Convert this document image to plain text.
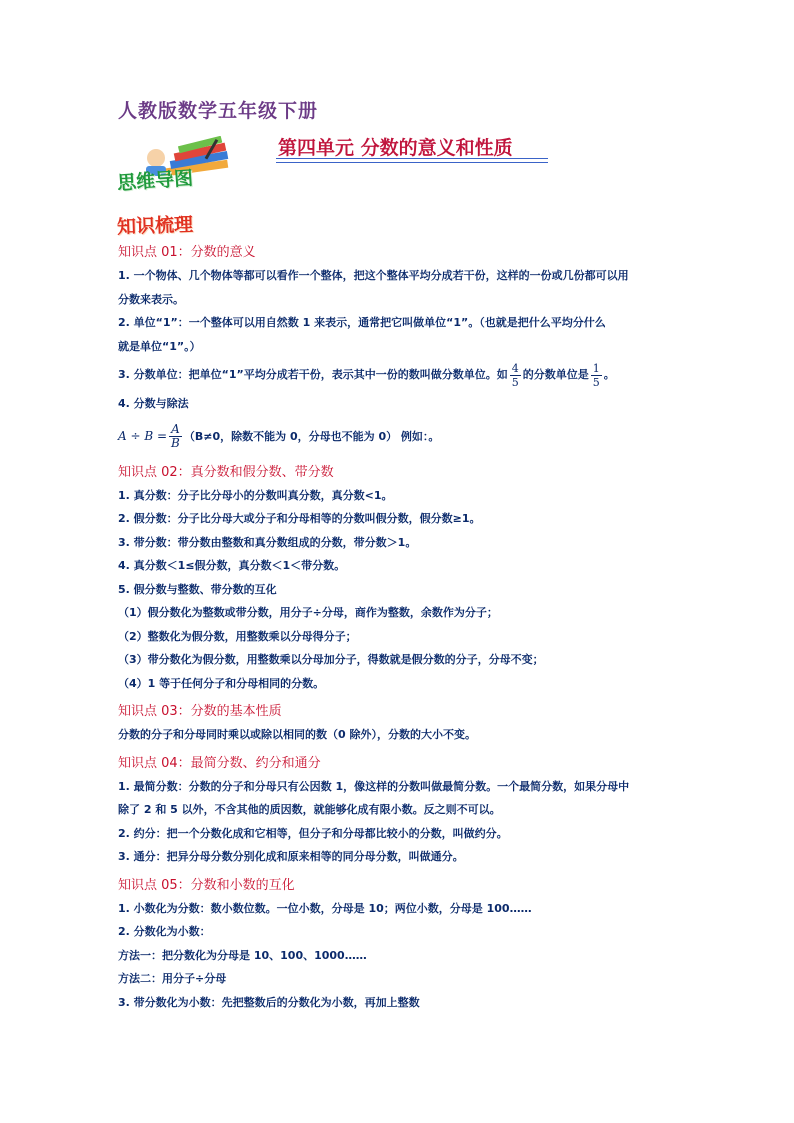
人教版数学五年级下册
第四单元 分数的意义和性质
思维导图
知识梳理
知识点 01：分数的意义
1. 一个物体、几个物体等都可以看作一个整体，把这个整体平均分成若干份，这样的一份或几份都可以用
分数来表示。
2. 单位“1”：一个整体可以用自然数 1 来表示，通常把它叫做单位“1”。（也就是把什么平均分什么
就是单位“1”。）
3. 分数单位：把单位“1”平均分成若干份，表示其中一份的数叫做分数单位。如 $\frac{4}{5}$ 的分数单位是 $\frac{1}{5}$ 。
4. 分数与除法
$A \div B = \frac{A}{B} (B\ne 0$，除数不能为 0，分母也不能为 0） 例如：。
知识点 02：真分数和假分数、带分数
1. 真分数：分子比分母小的分数叫真分数，真分数<1。
2. 假分数：分子比分母大或分子和分母相等的分数叫假分数，假分数≥1。
3. 带分数：带分数由整数和真分数组成的分数，带分数＞1。
4. 真分数＜1≤假分数，真分数＜1＜带分数。
5. 假分数与整数、带分数的互化
（1）假分数化为整数或带分数，用分子÷分母，商作为整数，余数作为分子；
（2）整数化为假分数，用整数乘以分母得分子；
（3）带分数化为假分数，用整数乘以分母加分子，得数就是假分数的分子，分母不变；
（4）1 等于任何分子和分母相同的分数。
知识点 03：分数的基本性质
分数的分子和分母同时乘以或除以相同的数（0 除外），分数的大小不变。
知识点 04：最简分数、约分和通分
1. 最简分数：分数的分子和分母只有公因数 1，像这样的分数叫做最简分数。一个最简分数，如果分母中
除了 2 和 5 以外，不含其他的质因数，就能够化成有限小数。反之则不可以。
2. 约分：把一个分数化成和它相等，但分子和分母都比较小的分数，叫做约分。
3. 通分：把异分母分数分别化成和原来相等的同分母分数，叫做通分。
知识点 05：分数和小数的互化
1. 小数化为分数：数小数位数。一位小数，分母是 10；两位小数，分母是 100……
2. 分数化为小数：
方法一：把分数化为分母是 10、100、1000……
方法二：用分子÷分母
3. 带分数化为小数：先把整数后的分数化为小数，再加上整数
